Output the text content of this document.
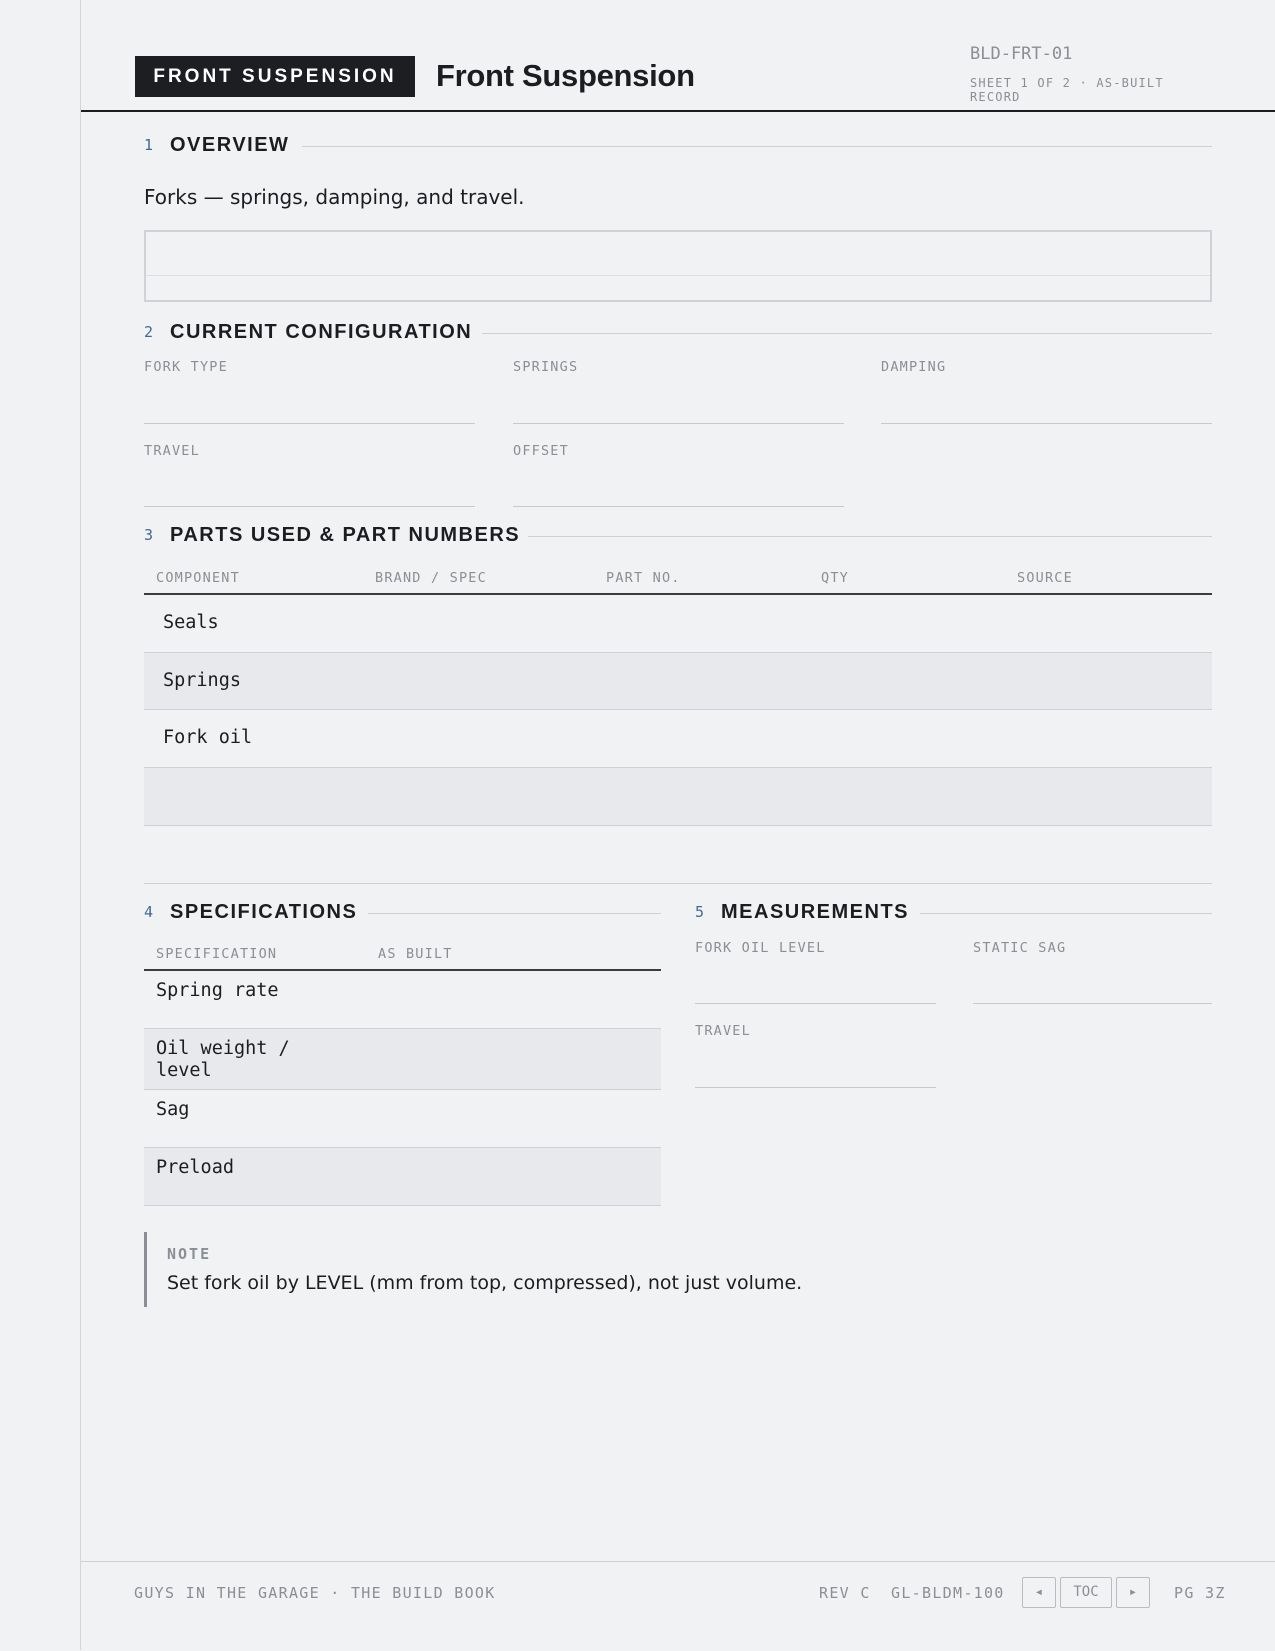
FRONT SUSPENSION	Front Suspension
BLD-FRT-01
SHEET 1 OF 2 · AS-BUILT RECORD
1 OVERVIEW
Forks — springs, damping, and travel.
2 CURRENT CONFIGURATION
FORK TYPE	SPRINGS	DAMPING
TRAVEL	OFFSET
3 PARTS USED & PART NUMBERS
COMPONENT	BRAND / SPEC	PART NO.	QTY	SOURCE
Seals
Springs
Fork oil
4 SPECIFICATIONS
SPECIFICATION	AS BUILT
Spring rate
Oil weight /
level
Sag
Preload
5 MEASUREMENTS
FORK OIL LEVEL	STATIC SAG
TRAVEL
NOTE
Set fork oil by LEVEL (mm from top, compressed), not just volume.
GUYS IN THE GARAGE · THE BUILD BOOK	REV C GL-BLDM-100	◂	TOC	▸	PG 3Z
